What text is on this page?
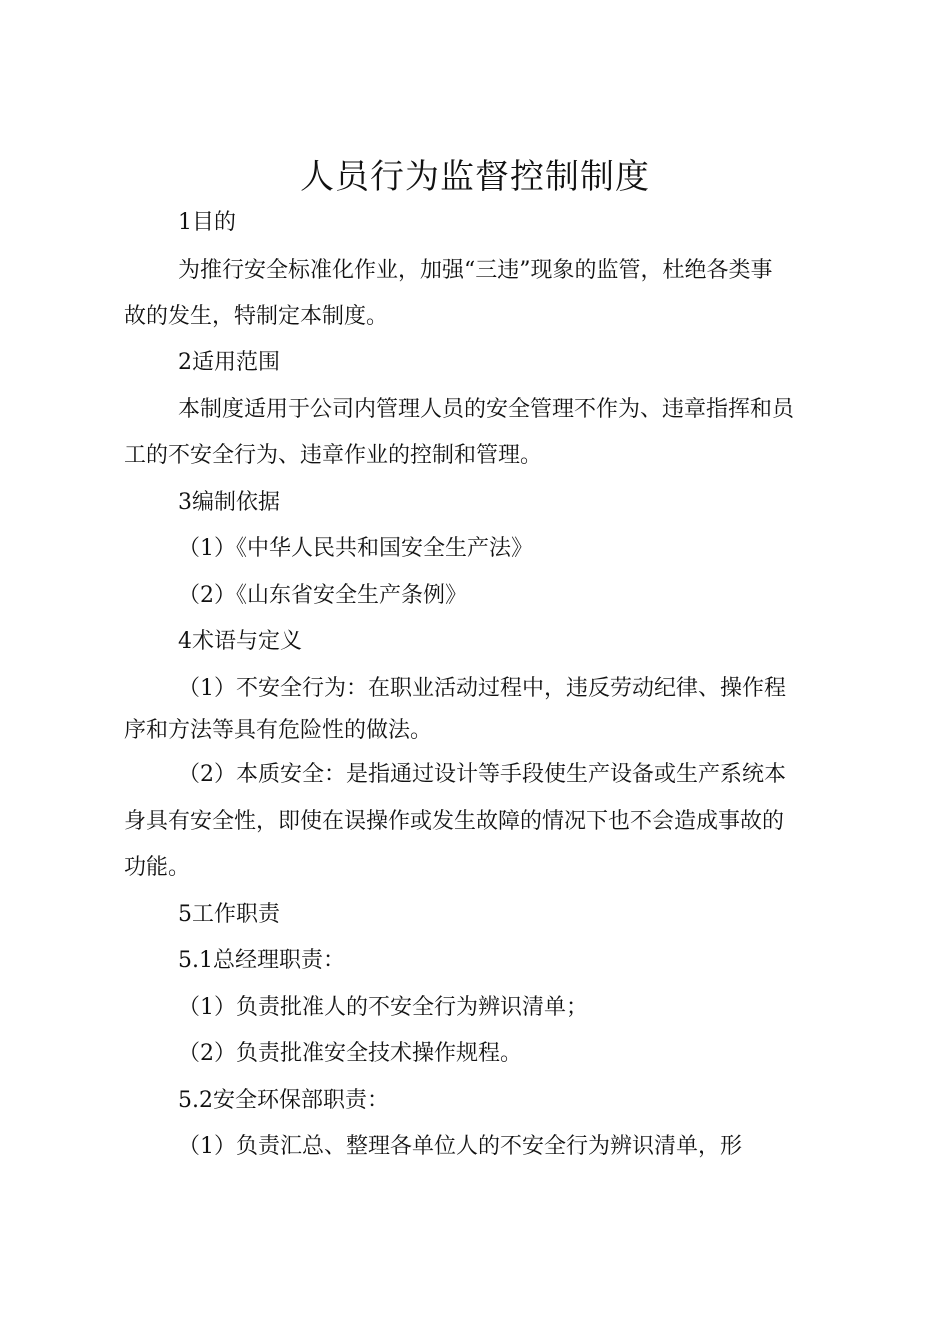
人员行为监督控制制度
1目的
为推行安全标准化作业，加强“三违”现象的监管，杜绝各类事
故的发生，特制定本制度。
2适用范围
本制度适用于公司内管理人员的安全管理不作为、违章指挥和员
工的不安全行为、违章作业的控制和管理。
3编制依据
（1）《中华人民共和国安全生产法》
（2）《山东省安全生产条例》
4术语与定义
（1）不安全行为：在职业活动过程中，违反劳动纪律、操作程
序和方法等具有危险性的做法。
（2）本质安全：是指通过设计等手段使生产设备或生产系统本
身具有安全性，即使在误操作或发生故障的情况下也不会造成事故的
功能。
5工作职责
5.1总经理职责：
（1）负责批准人的不安全行为辨识清单；
（2）负责批准安全技术操作规程。
5.2安全环保部职责：
（1）负责汇总、整理各单位人的不安全行为辨识清单，形
